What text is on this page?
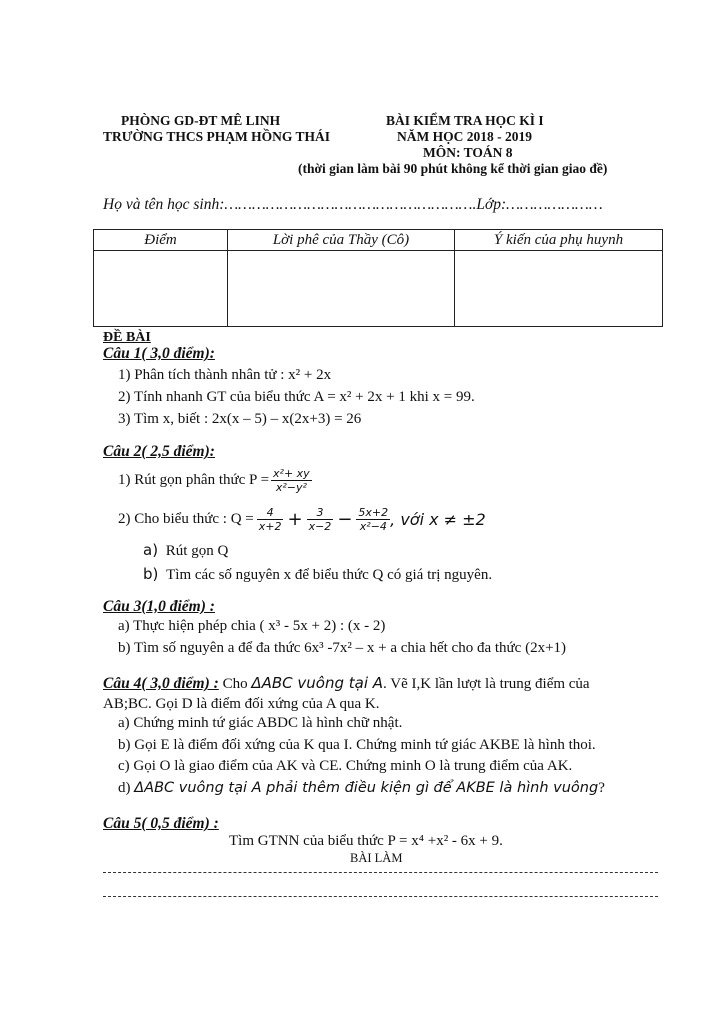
PHÒNG GD-ĐT MÊ LINH
TRƯỜNG THCS PHẠM HỒNG THÁI
BÀI KIỂM TRA HỌC KÌ I
NĂM HỌC 2018 - 2019
MÔN: TOÁN 8
(thời gian làm bài 90 phút không kể thời gian giao đề)
Họ và tên học sinh:……………………………………………….Lớp:…………………
Điểm	Lời phê của Thầy (Cô)	Ý kiến của phụ huynh

ĐỀ BÀI
Câu 1( 3,0 điểm):
1) Phân tích thành nhân tử : x² + 2x
2) Tính nhanh GT của biểu thức A = x² + 2x + 1 khi x = 99.
3) Tìm x, biết : 2x(x – 5) – x(2x+3) = 26
Câu 2( 2,5 điểm):
1) Rút gọn phân thức $P = \frac{\text{x²+ xy}}{\text{x²−y²}}$
2) Cho biểu thức : $Q = \frac{4}{x+2} + \frac{3}{x-2} - \frac{5x+2}{\text{x²−4}}$ , với x ≠ ±2
a) Rút gọn Q
b) Tìm các số nguyên x để biểu thức Q có giá trị nguyên.
Câu 3(1,0 điểm) :
a) Thực hiện phép chia ( x³ - 5x + 2) : (x - 2)
b) Tìm số nguyên a để đa thức 6x³ -7x² – x + a chia hết cho đa thức (2x+1)
Câu 4( 3,0 điểm) : Cho ΔABC vuông tại A. Vẽ I,K lần lượt là trung điểm của
AB;BC. Gọi D là điểm đối xứng của A qua K.
a) Chứng minh tứ giác ABDC là hình chữ nhật.
b) Gọi E là điểm đối xứng của K qua I. Chứng minh tứ giác AKBE là hình thoi.
c) Gọi O là giao điểm của AK và CE. Chứng minh O là trung điểm của AK.
d) ΔABC vuông tại A phải thêm điều kiện gì để AKBE là hình vuông?
Câu 5( 0,5 điểm) :
Tìm GTNN của biểu thức P = x⁴ +x² - 6x + 9.
BÀI LÀM
